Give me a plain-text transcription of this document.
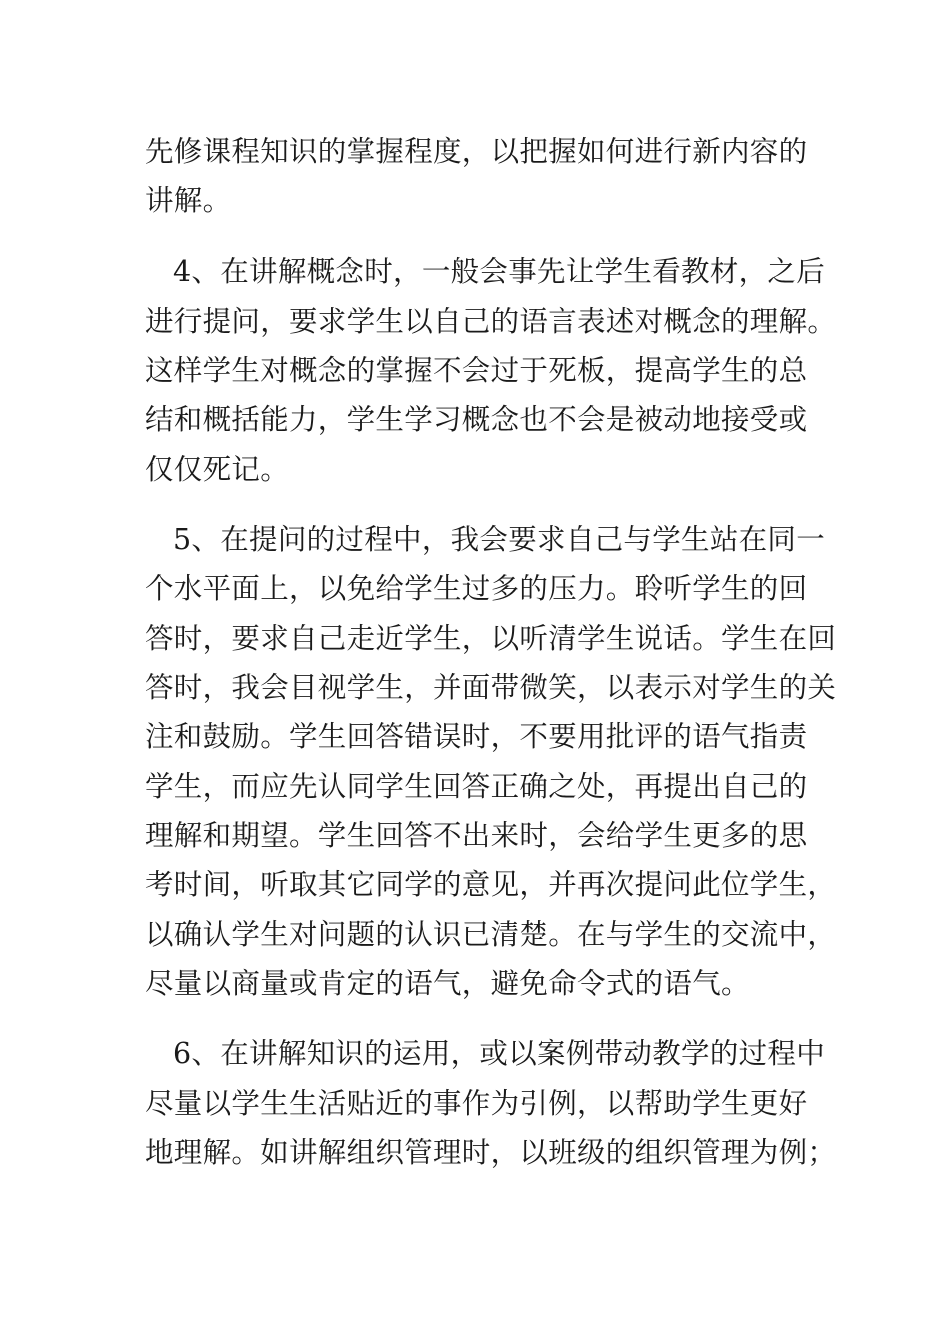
先修课程知识的掌握程度，以把握如何进行新内容的
讲解。
4、在讲解概念时，一般会事先让学生看教材，之后
进行提问，要求学生以自己的语言表述对概念的理解。
这样学生对概念的掌握不会过于死板，提高学生的总
结和概括能力，学生学习概念也不会是被动地接受或
仅仅死记。
5、在提问的过程中，我会要求自己与学生站在同一
个水平面上，以免给学生过多的压力。聆听学生的回
答时，要求自己走近学生，以听清学生说话。学生在回
答时，我会目视学生，并面带微笑，以表示对学生的关
注和鼓励。学生回答错误时，不要用批评的语气指责
学生，而应先认同学生回答正确之处，再提出自己的
理解和期望。学生回答不出来时，会给学生更多的思
考时间，听取其它同学的意见，并再次提问此位学生，
以确认学生对问题的认识已清楚。在与学生的交流中，
尽量以商量或肯定的语气，避免命令式的语气。
6、在讲解知识的运用，或以案例带动教学的过程中
尽量以学生生活贴近的事作为引例，以帮助学生更好
地理解。如讲解组织管理时，以班级的组织管理为例；
